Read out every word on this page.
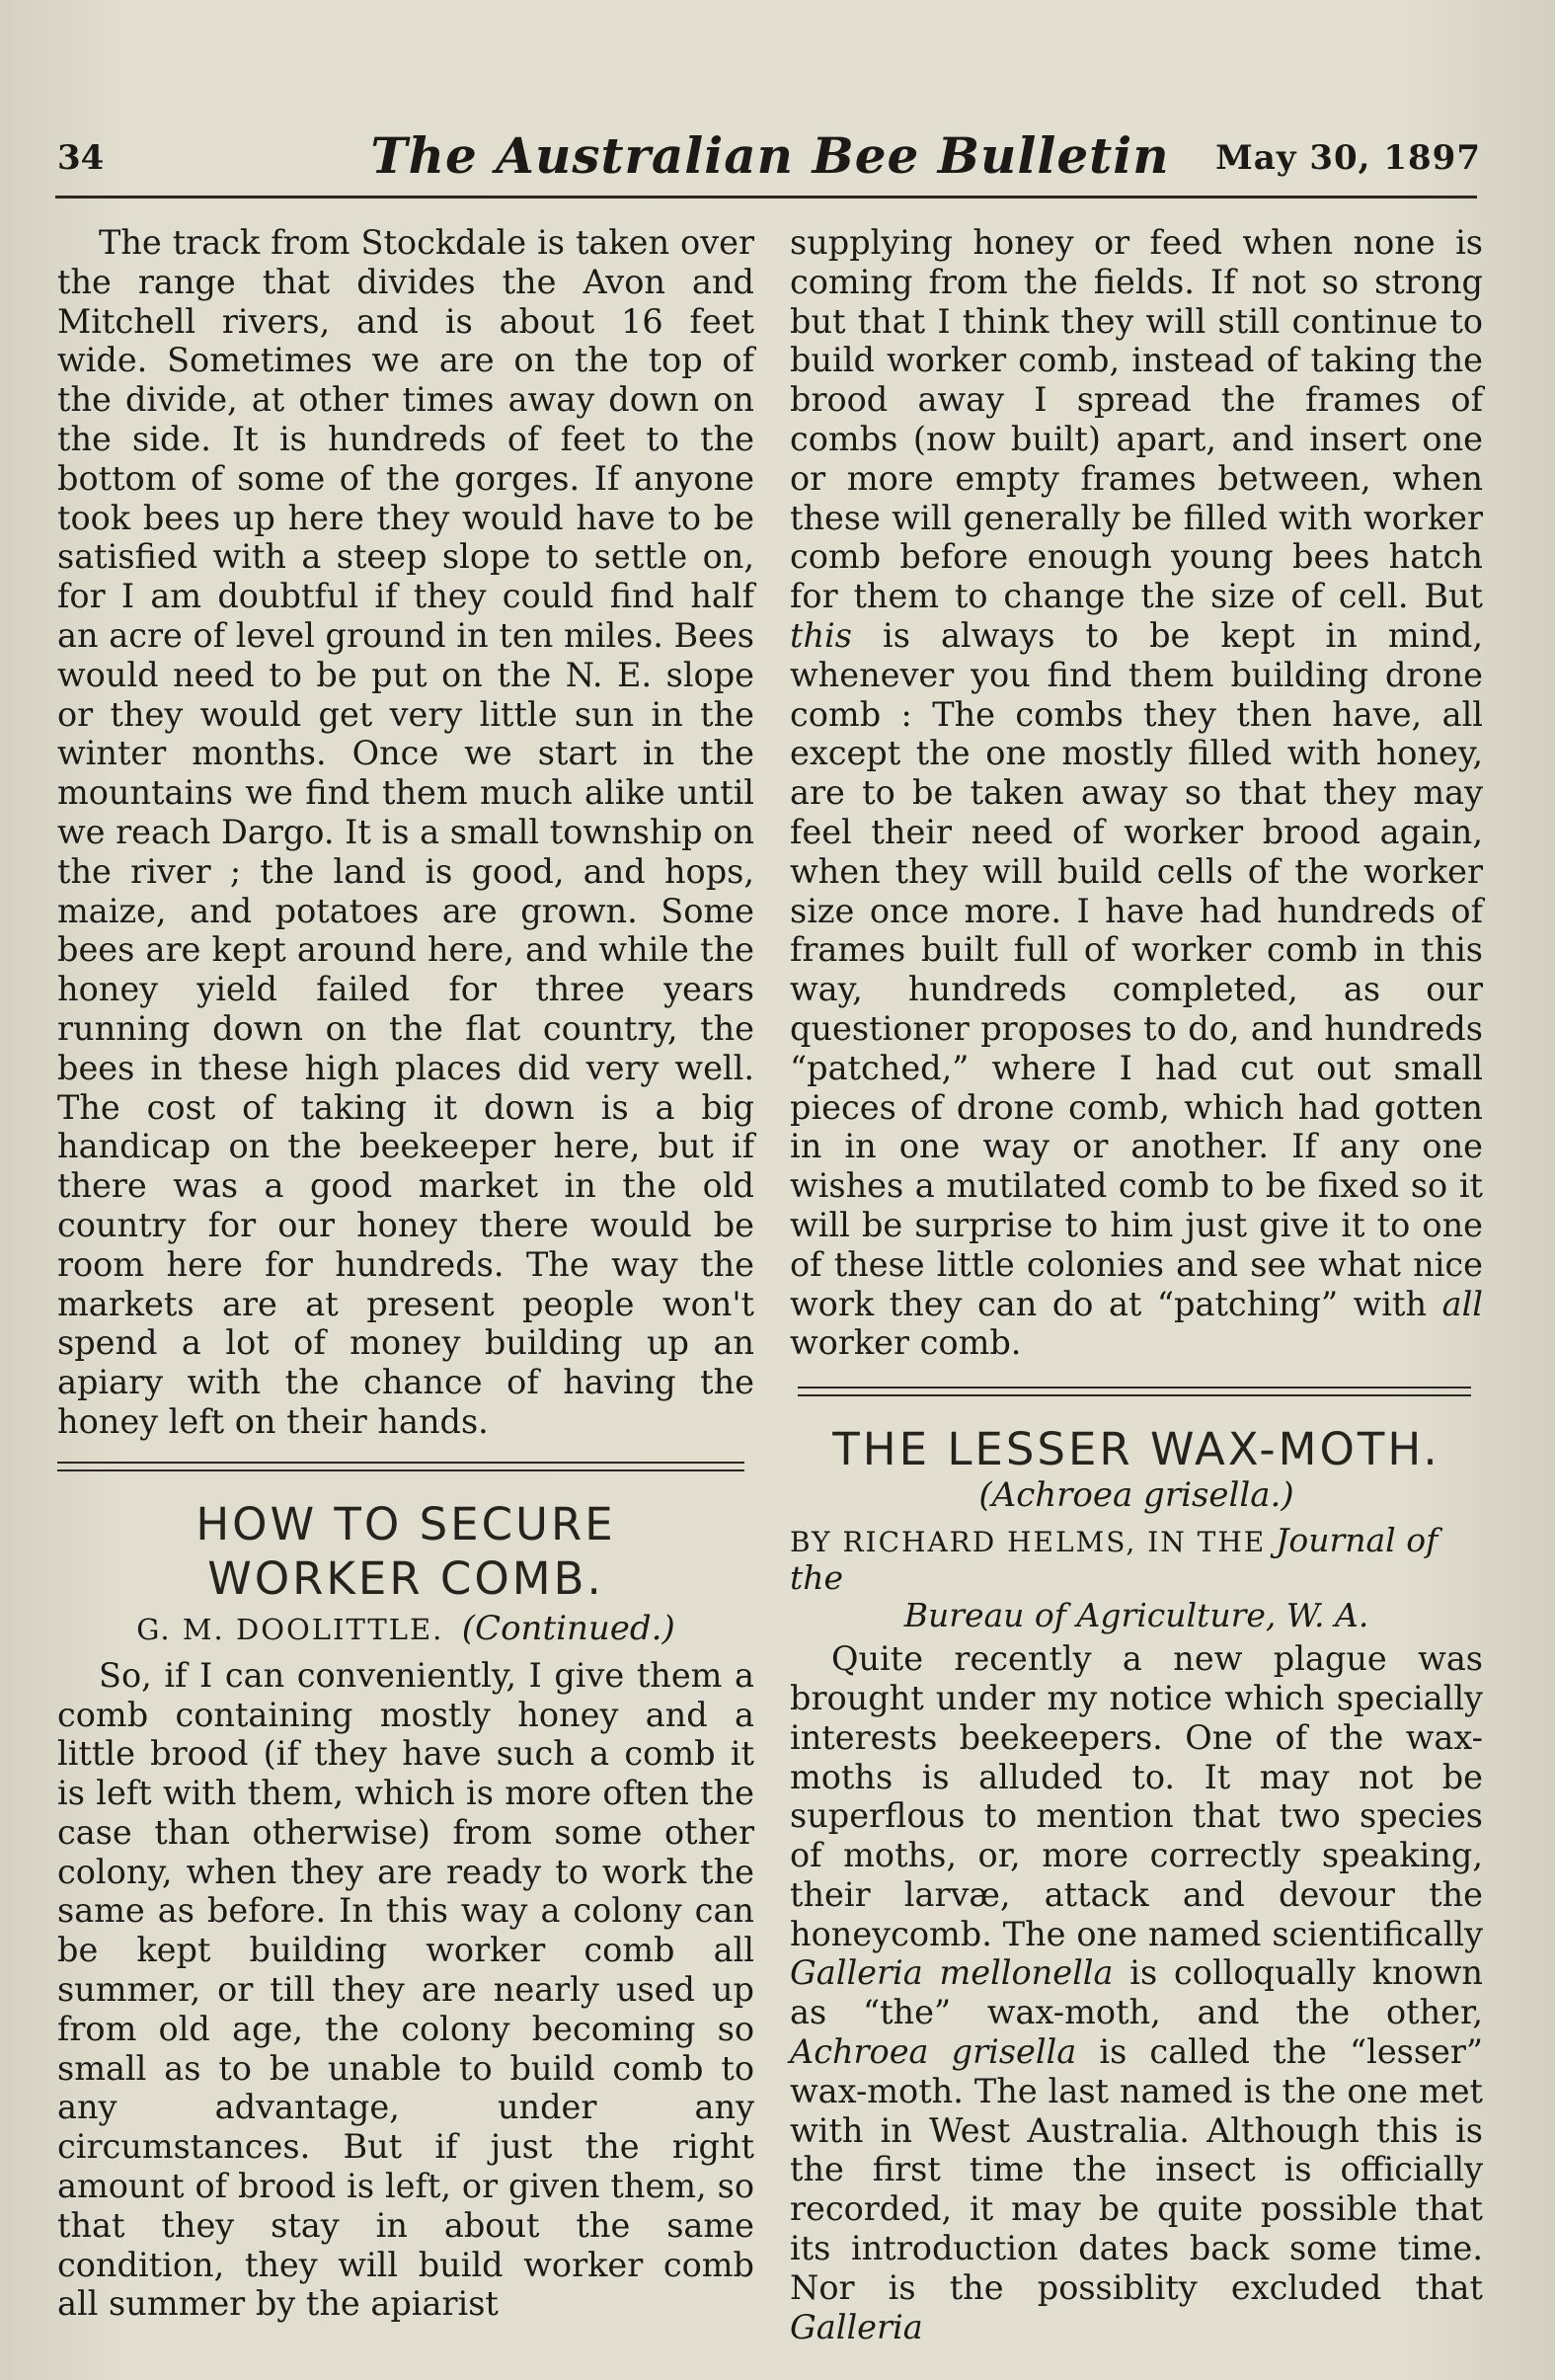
34	The Australian Bee Bulletin	May 30, 1897

The track from Stockdale is taken over the range that divides the Avon and Mitchell rivers, and is about 16 feet wide. Sometimes we are on the top of the divide, at other times away down on the side. It is hundreds of feet to the bottom of some of the gorges. If anyone took bees up here they would have to be satisfied with a steep slope to settle on, for I am doubtful if they could find half an acre of level ground in ten miles. Bees would need to be put on the N. E. slope or they would get very little sun in the winter months. Once we start in the mountains we find them much alike until we reach Dargo. It is a small township on the river ; the land is good, and hops, maize, and potatoes are grown. Some bees are kept around here, and while the honey yield failed for three years running down on the flat country, the bees in these high places did very well. The cost of taking it down is a big handicap on the beekeeper here, but if there was a good market in the old country for our honey there would be room here for hundreds. The way the markets are at present people won't spend a lot of money building up an apiary with the chance of having the honey left on their hands.

HOW TO SECURE
WORKER COMB.
G. M. DOOLITTLE. (Continued.)

So, if I can conveniently, I give them a comb containing mostly honey and a little brood (if they have such a comb it is left with them, which is more often the case than otherwise) from some other colony, when they are ready to work the same as before. In this way a colony can be kept building worker comb all summer, or till they are nearly used up from old age, the colony becoming so small as to be unable to build comb to any advantage, under any circumstances. But if just the right amount of brood is left, or given them, so that they stay in about the same condition, they will build worker comb all summer by the apiarist

supplying honey or feed when none is coming from the fields. If not so strong but that I think they will still continue to build worker comb, instead of taking the brood away I spread the frames of combs (now built) apart, and insert one or more empty frames between, when these will generally be filled with worker comb before enough young bees hatch for them to change the size of cell. But this is always to be kept in mind, whenever you find them building drone comb : The combs they then have, all except the one mostly filled with honey, are to be taken away so that they may feel their need of worker brood again, when they will build cells of the worker size once more. I have had hundreds of frames built full of worker comb in this way, hundreds completed, as our questioner proposes to do, and hundreds “patched,” where I had cut out small pieces of drone comb, which had gotten in in one way or another. If any one wishes a mutilated comb to be fixed so it will be surprise to him just give it to one of these little colonies and see what nice work they can do at “patching” with all worker comb.

THE LESSER WAX-MOTH.
(Achroea grisella.)
BY RICHARD HELMS, IN THE Journal of the
Bureau of Agriculture, W. A.

Quite recently a new plague was brought under my notice which specially interests beekeepers. One of the wax-moths is alluded to. It may not be superflous to mention that two species of moths, or, more correctly speaking, their larvæ, attack and devour the honeycomb. The one named scientifically Galleria mellonella is colloqually known as “the” wax-moth, and the other, Achroea grisella is called the “lesser” wax-moth. The last named is the one met with in West Australia. Although this is the first time the insect is officially recorded, it may be quite possible that its introduction dates back some time. Nor is the possiblity excluded that Galleria
